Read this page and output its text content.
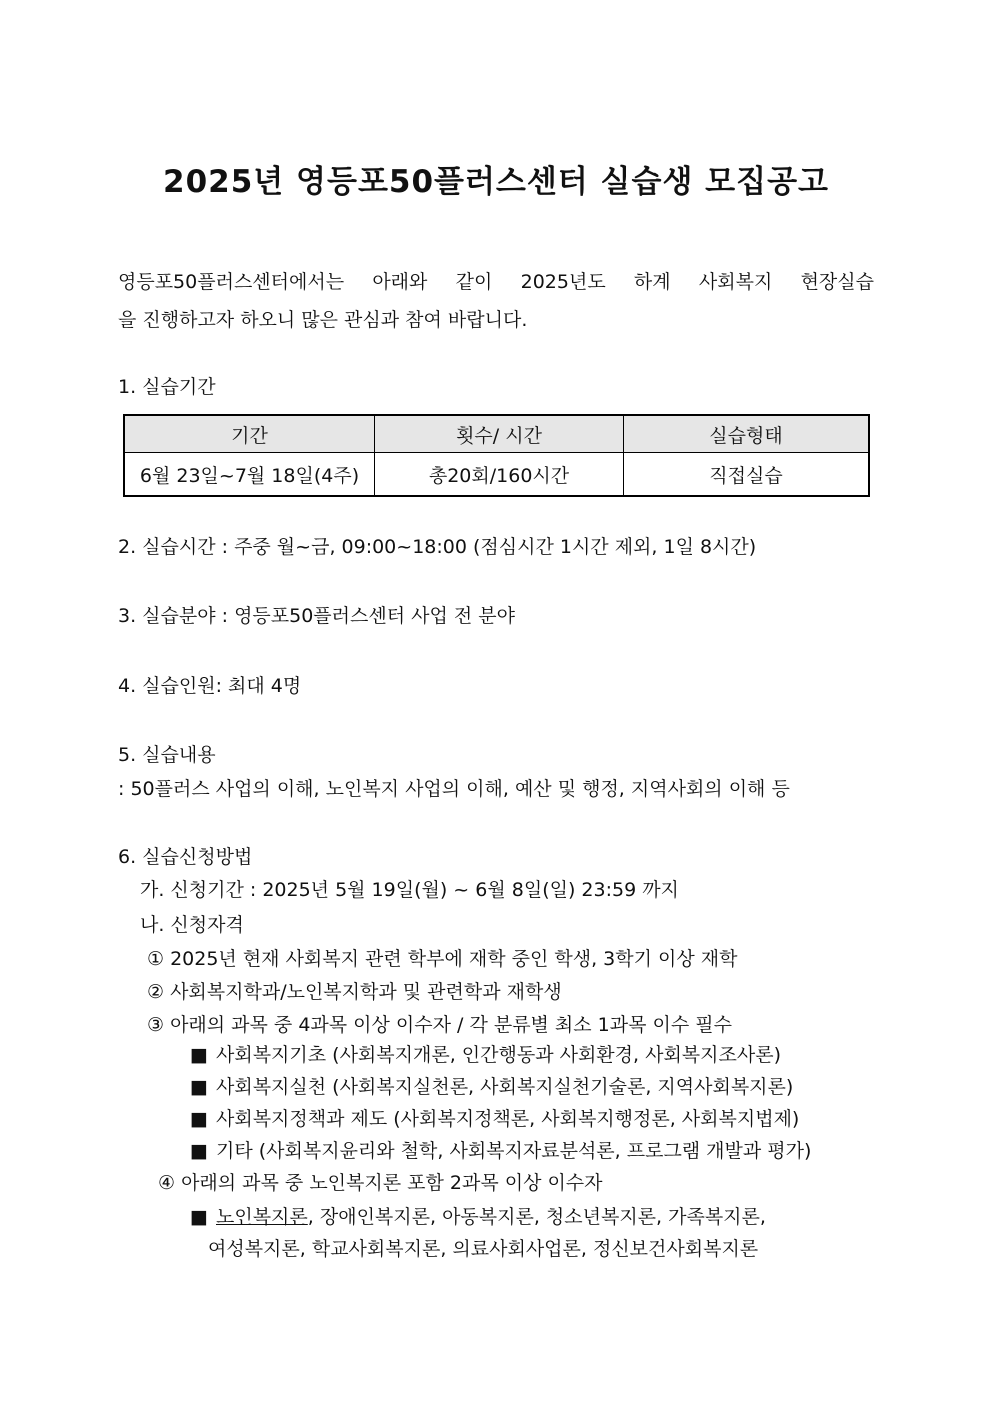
2025년 영등포50플러스센터 실습생 모집공고
영등포50플러스센터에서는 아래와 같이 2025년도 하계 사회복지 현장실습
을 진행하고자 하오니 많은 관심과 참여 바랍니다.
1. 실습기간
기간	횟수/ 시간	실습형태
6월 23일~7월 18일(4주)	총20회/160시간	직접실습
2. 실습시간 : 주중 월~금, 09:00~18:00 (점심시간 1시간 제외, 1일 8시간)
3. 실습분야 : 영등포50플러스센터 사업 전 분야
4. 실습인원: 최대 4명
5. 실습내용
: 50플러스 사업의 이해, 노인복지 사업의 이해, 예산 및 행정, 지역사회의 이해 등
6. 실습신청방법
가. 신청기간 : 2025년 5월 19일(월) ~ 6월 8일(일) 23:59 까지
나. 신청자격
① 2025년 현재 사회복지 관련 학부에 재학 중인 학생, 3학기 이상 재학
② 사회복지학과/노인복지학과 및 관련학과 재학생
③ 아래의 과목 중 4과목 이상 이수자 / 각 분류별 최소 1과목 이수 필수
■ 사회복지기초 (사회복지개론, 인간행동과 사회환경, 사회복지조사론)
■ 사회복지실천 (사회복지실천론, 사회복지실천기술론, 지역사회복지론)
■ 사회복지정책과 제도 (사회복지정책론, 사회복지행정론, 사회복지법제)
■ 기타 (사회복지윤리와 철학, 사회복지자료분석론, 프로그램 개발과 평가)
④ 아래의 과목 중 노인복지론 포함 2과목 이상 이수자
■ 노인복지론, 장애인복지론, 아동복지론, 청소년복지론, 가족복지론,
여성복지론, 학교사회복지론, 의료사회사업론, 정신보건사회복지론
